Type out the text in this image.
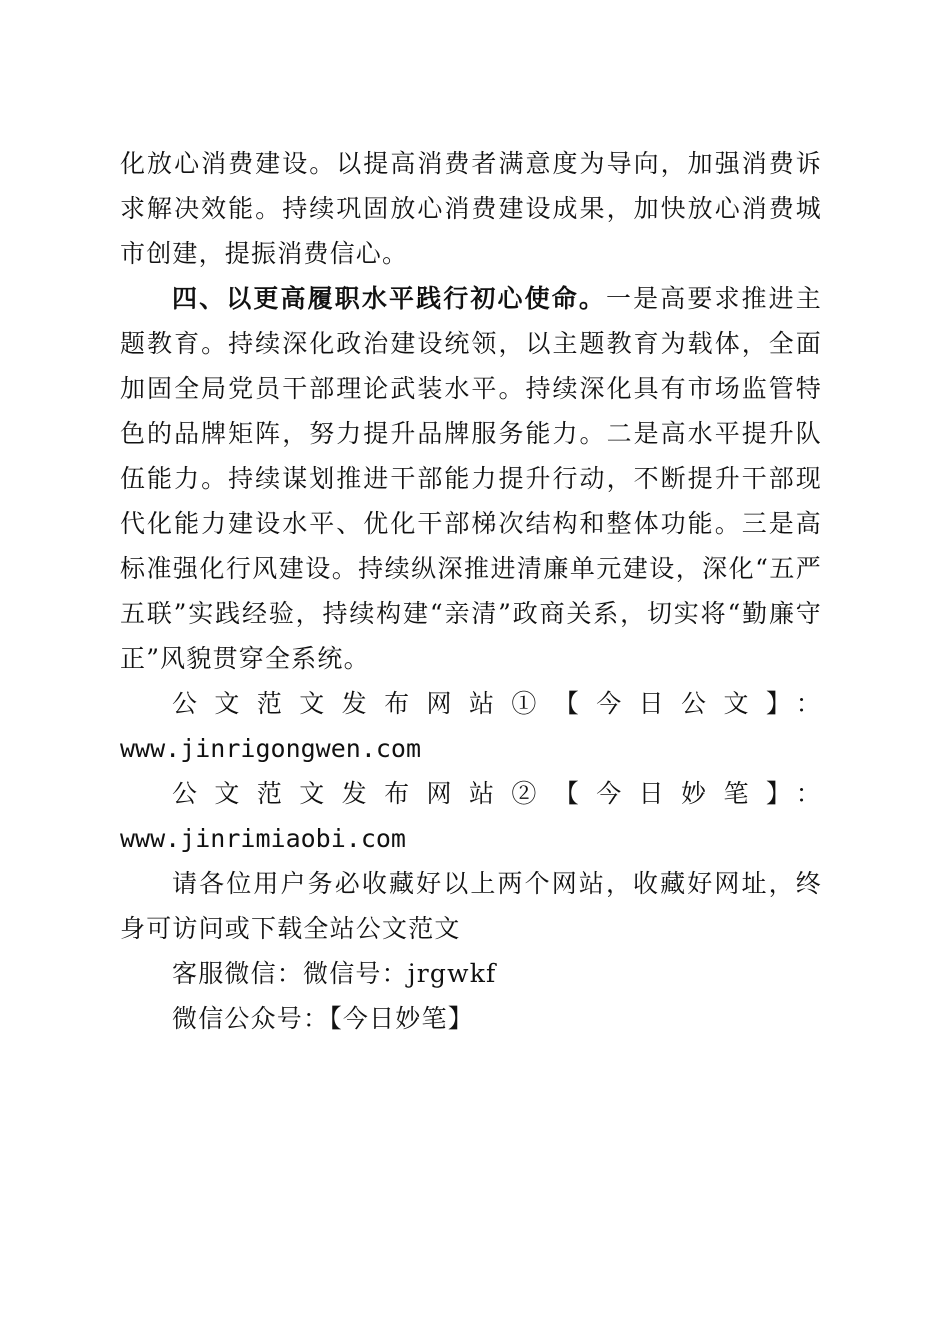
化放心消费建设。以提高消费者满意度为导向，加强消费诉求解决效能。持续巩固放心消费建设成果，加快放心消费城市创建，提振消费信心。

四、以更高履职水平践行初心使命。一是高要求推进主题教育。持续深化政治建设统领，以主题教育为载体，全面加固全局党员干部理论武装水平。持续深化具有市场监管特色的品牌矩阵，努力提升品牌服务能力。二是高水平提升队伍能力。持续谋划推进干部能力提升行动，不断提升干部现代化能力建设水平、优化干部梯次结构和整体功能。三是高标准强化行风建设。持续纵深推进清廉单元建设，深化“五严五联”实践经验，持续构建“亲清”政商关系，切实将“勤廉守正”风貌贯穿全系统。

公文范文发布网站①【今日公文】：

www.jinrigongwen.com

公文范文发布网站②【今日妙笔】：www.jinrimiaobi.com

请各位用户务必收藏好以上两个网站，收藏好网址，终身可访问或下载全站公文范文

客服微信：微信号：jrgwkf

微信公众号：【今日妙笔】
